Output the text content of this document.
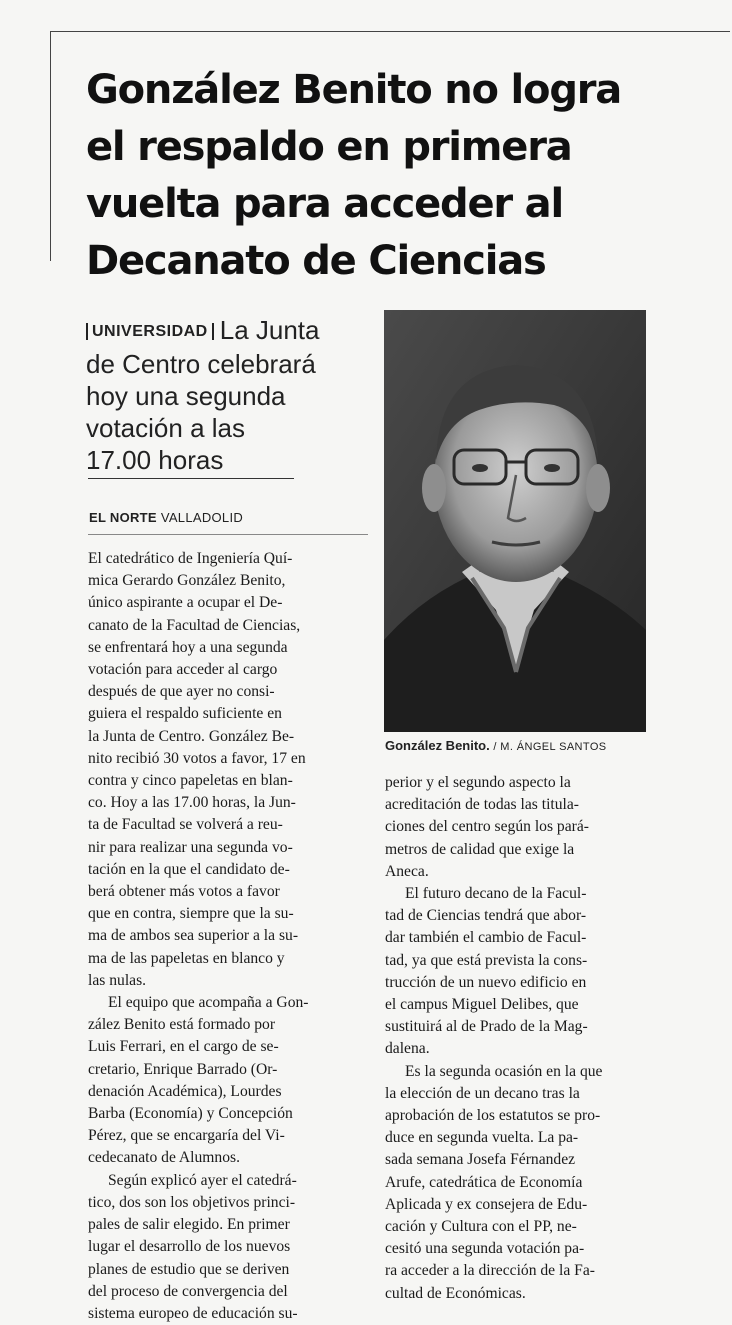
González Benito no logra
el respaldo en primera
vuelta para acceder al
Decanato de Ciencias
UNIVERSIDAD La Junta
de Centro celebrará
hoy una segunda
votación a las
17.00 horas
EL NORTE VALLADOLID
El catedrático de Ingeniería Quí-
mica Gerardo González Benito,
único aspirante a ocupar el De-
canato de la Facultad de Ciencias,
se enfrentará hoy a una segunda
votación para acceder al cargo
después de que ayer no consi-
guiera el respaldo suficiente en
la Junta de Centro. González Be-
nito recibió 30 votos a favor, 17 en
contra y cinco papeletas en blan-
co. Hoy a las 17.00 horas, la Jun-
ta de Facultad se volverá a reu-
nir para realizar una segunda vo-
tación en la que el candidato de-
berá obtener más votos a favor
que en contra, siempre que la su-
ma de ambos sea superior a la su-
ma de las papeletas en blanco y
las nulas.
El equipo que acompaña a Gon-
zález Benito está formado por
Luis Ferrari, en el cargo de se-
cretario, Enrique Barrado (Or-
denación Académica), Lourdes
Barba (Economía) y Concepción
Pérez, que se encargaría del Vi-
cedecanato de Alumnos.
Según explicó ayer el catedrá-
tico, dos son los objetivos princi-
pales de salir elegido. En primer
lugar el desarrollo de los nuevos
planes de estudio que se deriven
del proceso de convergencia del
sistema europeo de educación su-
perior y el segundo aspecto la
acreditación de todas las titula-
ciones del centro según los pará-
metros de calidad que exige la
Aneca.
El futuro decano de la Facul-
tad de Ciencias tendrá que abor-
dar también el cambio de Facul-
tad, ya que está prevista la cons-
trucción de un nuevo edificio en
el campus Miguel Delibes, que
sustituirá al de Prado de la Mag-
dalena.
Es la segunda ocasión en la que
la elección de un decano tras la
aprobación de los estatutos se pro-
duce en segunda vuelta. La pa-
sada semana Josefa Férnandez
Arufe, catedrática de Economía
Aplicada y ex consejera de Edu-
cación y Cultura con el PP, ne-
cesitó una segunda votación pa-
ra acceder a la dirección de la Fa-
cultad de Económicas.
González Benito. / M. ÁNGEL SANTOS
